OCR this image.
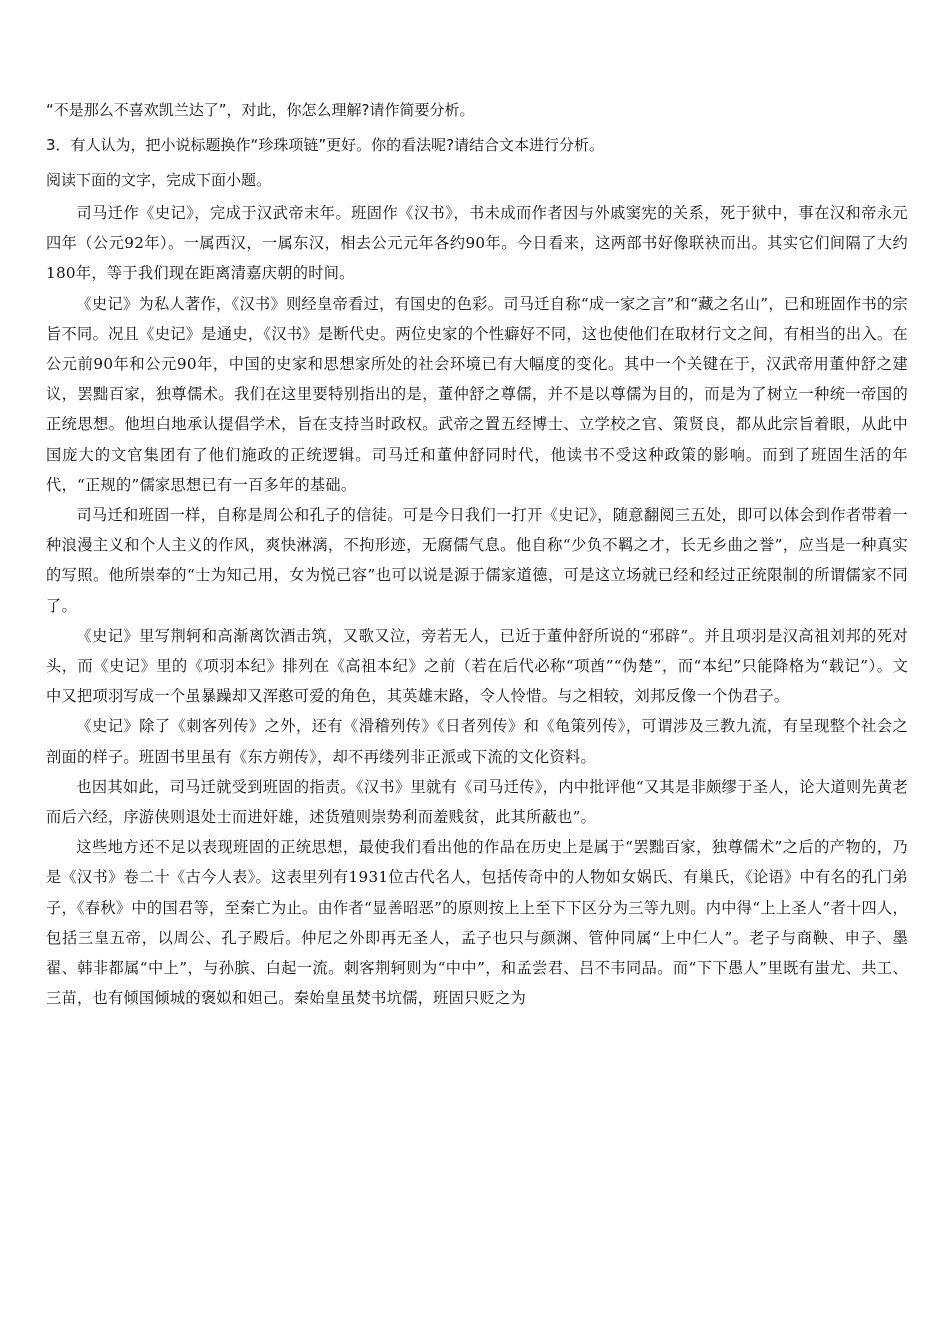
“不是那么不喜欢凯兰达了”，对此，你怎么理解?请作简要分析。
3．有人认为，把小说标题换作“珍珠项链”更好。你的看法呢?请结合文本进行分析。
阅读下面的文字，完成下面小题。

司马迁作《史记》，完成于汉武帝末年。班固作《汉书》，书未成而作者因与外戚窦宪的关系，死于狱中，事在汉和帝永元四年（公元92年）。一属西汉，一属东汉，相去公元元年各约90年。今日看来，这两部书好像联袂而出。其实它们间隔了大约180年，等于我们现在距离清嘉庆朝的时间。

《史记》为私人著作，《汉书》则经皇帝看过，有国史的色彩。司马迁自称“成一家之言”和“藏之名山”，已和班固作书的宗旨不同。况且《史记》是通史，《汉书》是断代史。两位史家的个性癖好不同，这也使他们在取材行文之间，有相当的出入。在公元前90年和公元90年，中国的史家和思想家所处的社会环境已有大幅度的变化。其中一个关键在于，汉武帝用董仲舒之建议，罢黜百家，独尊儒术。我们在这里要特别指出的是，董仲舒之尊儒，并不是以尊儒为目的，而是为了树立一种统一帝国的正统思想。他坦白地承认提倡学术，旨在支持当时政权。武帝之置五经博士、立学校之官、策贤良，都从此宗旨着眼，从此中国庞大的文官集团有了他们施政的正统逻辑。司马迁和董仲舒同时代，他读书不受这种政策的影响。而到了班固生活的年代，“正规的”儒家思想已有一百多年的基础。

司马迁和班固一样，自称是周公和孔子的信徒。可是今日我们一打开《史记》，随意翻阅三五处，即可以体会到作者带着一种浪漫主义和个人主义的作风，爽快淋漓，不拘形迹，无腐儒气息。他自称“少负不羁之才，长无乡曲之誉”，应当是一种真实的写照。他所崇奉的“士为知己用，女为悦己容”也可以说是源于儒家道德，可是这立场就已经和经过正统限制的所谓儒家不同了。

《史记》里写荆轲和高渐离饮酒击筑，又歌又泣，旁若无人，已近于董仲舒所说的“邪辟”。并且项羽是汉高祖刘邦的死对头，而《史记》里的《项羽本纪》排列在《高祖本纪》之前（若在后代必称“项酋”“伪楚”，而“本纪”只能降格为“载记”）。文中又把项羽写成一个虽暴躁却又浑憨可爱的角色，其英雄末路，令人怜惜。与之相较，刘邦反像一个伪君子。

《史记》除了《刺客列传》之外，还有《滑稽列传》《日者列传》和《龟策列传》，可谓涉及三教九流，有呈现整个社会之剖面的样子。班固书里虽有《东方朔传》，却不再缕列非正派或下流的文化资料。

也因其如此，司马迁就受到班固的指责。《汉书》里就有《司马迁传》，内中批评他“又其是非颇缪于圣人，论大道则先黄老而后六经，序游侠则退处士而进奸雄，述货殖则崇势利而羞贱贫，此其所蔽也”。

这些地方还不足以表现班固的正统思想，最使我们看出他的作品在历史上是属于“罢黜百家，独尊儒术”之后的产物的，乃是《汉书》卷二十《古今人表》。这表里列有1931位古代名人，包括传奇中的人物如女娲氏、有巢氏，《论语》中有名的孔门弟子，《春秋》中的国君等，至秦亡为止。由作者“显善昭恶”的原则按上上至下下区分为三等九则。内中得“上上圣人”者十四人，包括三皇五帝，以周公、孔子殿后。仲尼之外即再无圣人，孟子也只与颜渊、管仲同属“上中仁人”。老子与商鞅、申子、墨翟、韩非都属“中上”，与孙膑、白起一流。刺客荆轲则为“中中”，和孟尝君、吕不韦同品。而“下下愚人”里既有蚩尤、共工、三苗，也有倾国倾城的褒姒和妲己。秦始皇虽焚书坑儒，班固只贬之为
